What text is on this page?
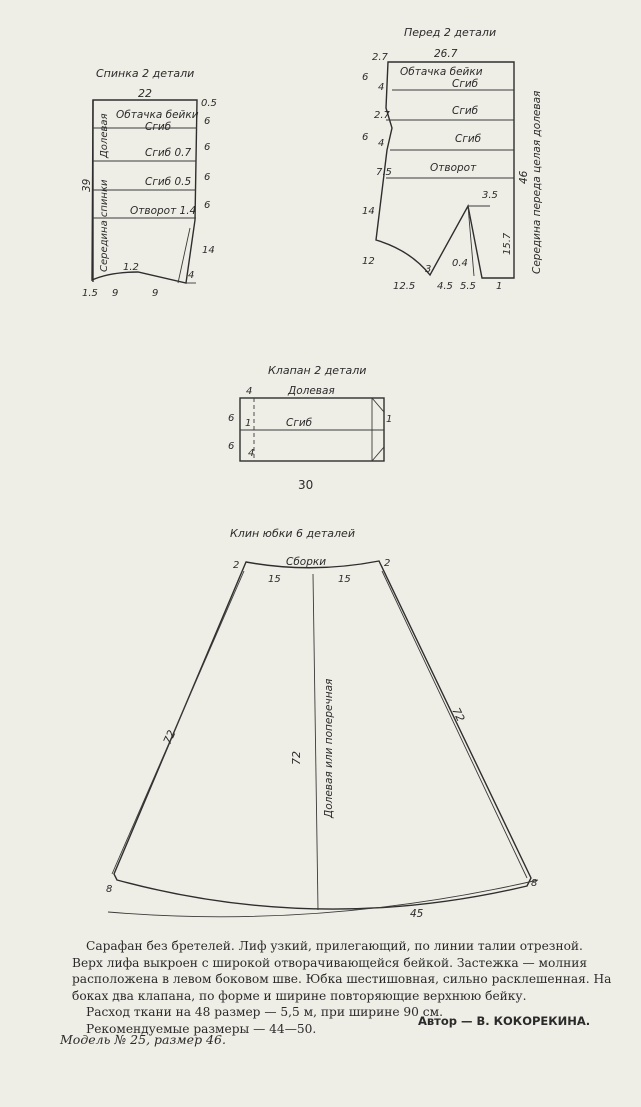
Спинка 2 детали
22
0.5
Обтачка бейки
Сгиб
Сгиб 0.7
Сгиб 0.5
Отворот 1.4
6
6
6
6
14
4
1.2
1.5 9	9
39
Долевая
Середина спинки
Перед 2 детали
2.7	26.7
Обтачка бейки
Сгиб
Сгиб
Сгиб
Отворот
6
4
2.7
6
4
7.5
14
12
3.5
15.7
3
0.4
12.5 4.5 5.5 1
46 Середина переда целая долевая
Клапан 2 детали
4	Долевая
Сгиб
6
6
1
4
1
30
Клин юбки 6 деталей
Сборки
2	2
15	15
72
72
72 Долевая или поперечная
8
8
45

Сарафан без бретелей. Лиф узкий, прилегающий, по линии талии отрезной. Верх лифа выкроен с широкой отворачивающейся бейкой. Застежка — молния расположена в левом боковом шве. Юбка шестишовная, сильно расклешенная. На боках два клапана, по форме и ширине повторяющие верхнюю бейку.

Расход ткани на 48 размер — 5,5 м, при ширине 90 см.

Рекомендуемые размеры — 44—50.

Автор — В. КОКОРЕКИНА.
Модель № 25, размер 46.
